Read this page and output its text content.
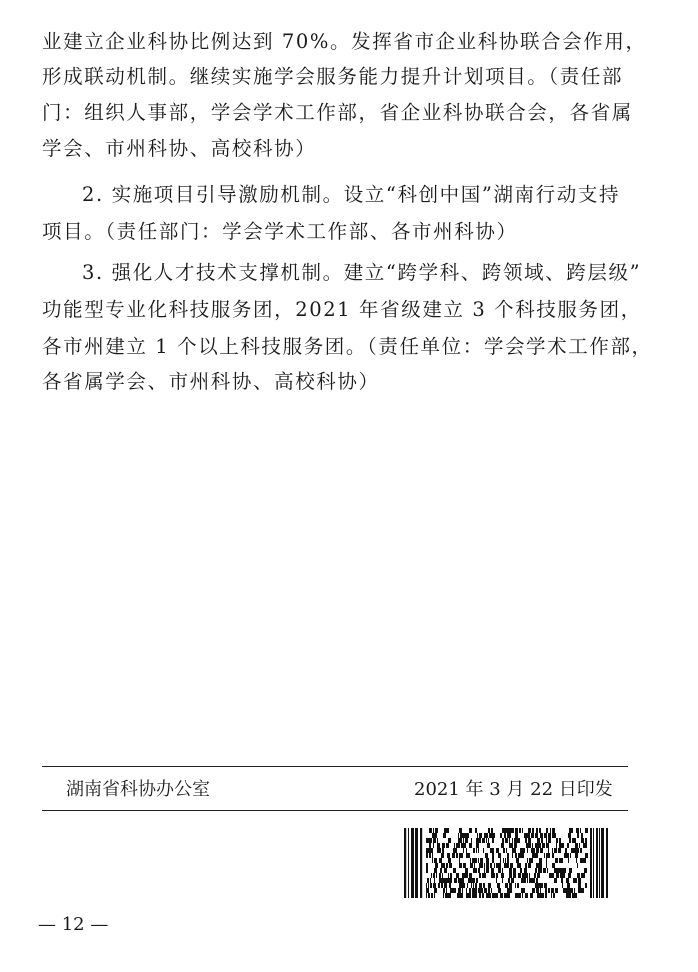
业建立企业科协比例达到 70%。发挥省市企业科协联合会作用，
形成联动机制。继续实施学会服务能力提升计划项目。（责任部
门：组织人事部，学会学术工作部，省企业科协联合会，各省属
学会、市州科协、高校科协）
2. 实施项目引导激励机制。设立“科创中国”湖南行动支持
项目。（责任部门：学会学术工作部、各市州科协）
3. 强化人才技术支撑机制。建立“跨学科、跨领域、跨层级”
功能型专业化科技服务团，2021 年省级建立 3 个科技服务团，
各市州建立 1 个以上科技服务团。（责任单位：学会学术工作部，
各省属学会、市州科协、高校科协）
湖南省科协办公室	2021 年 3 月 22 日印发
— 12 —
